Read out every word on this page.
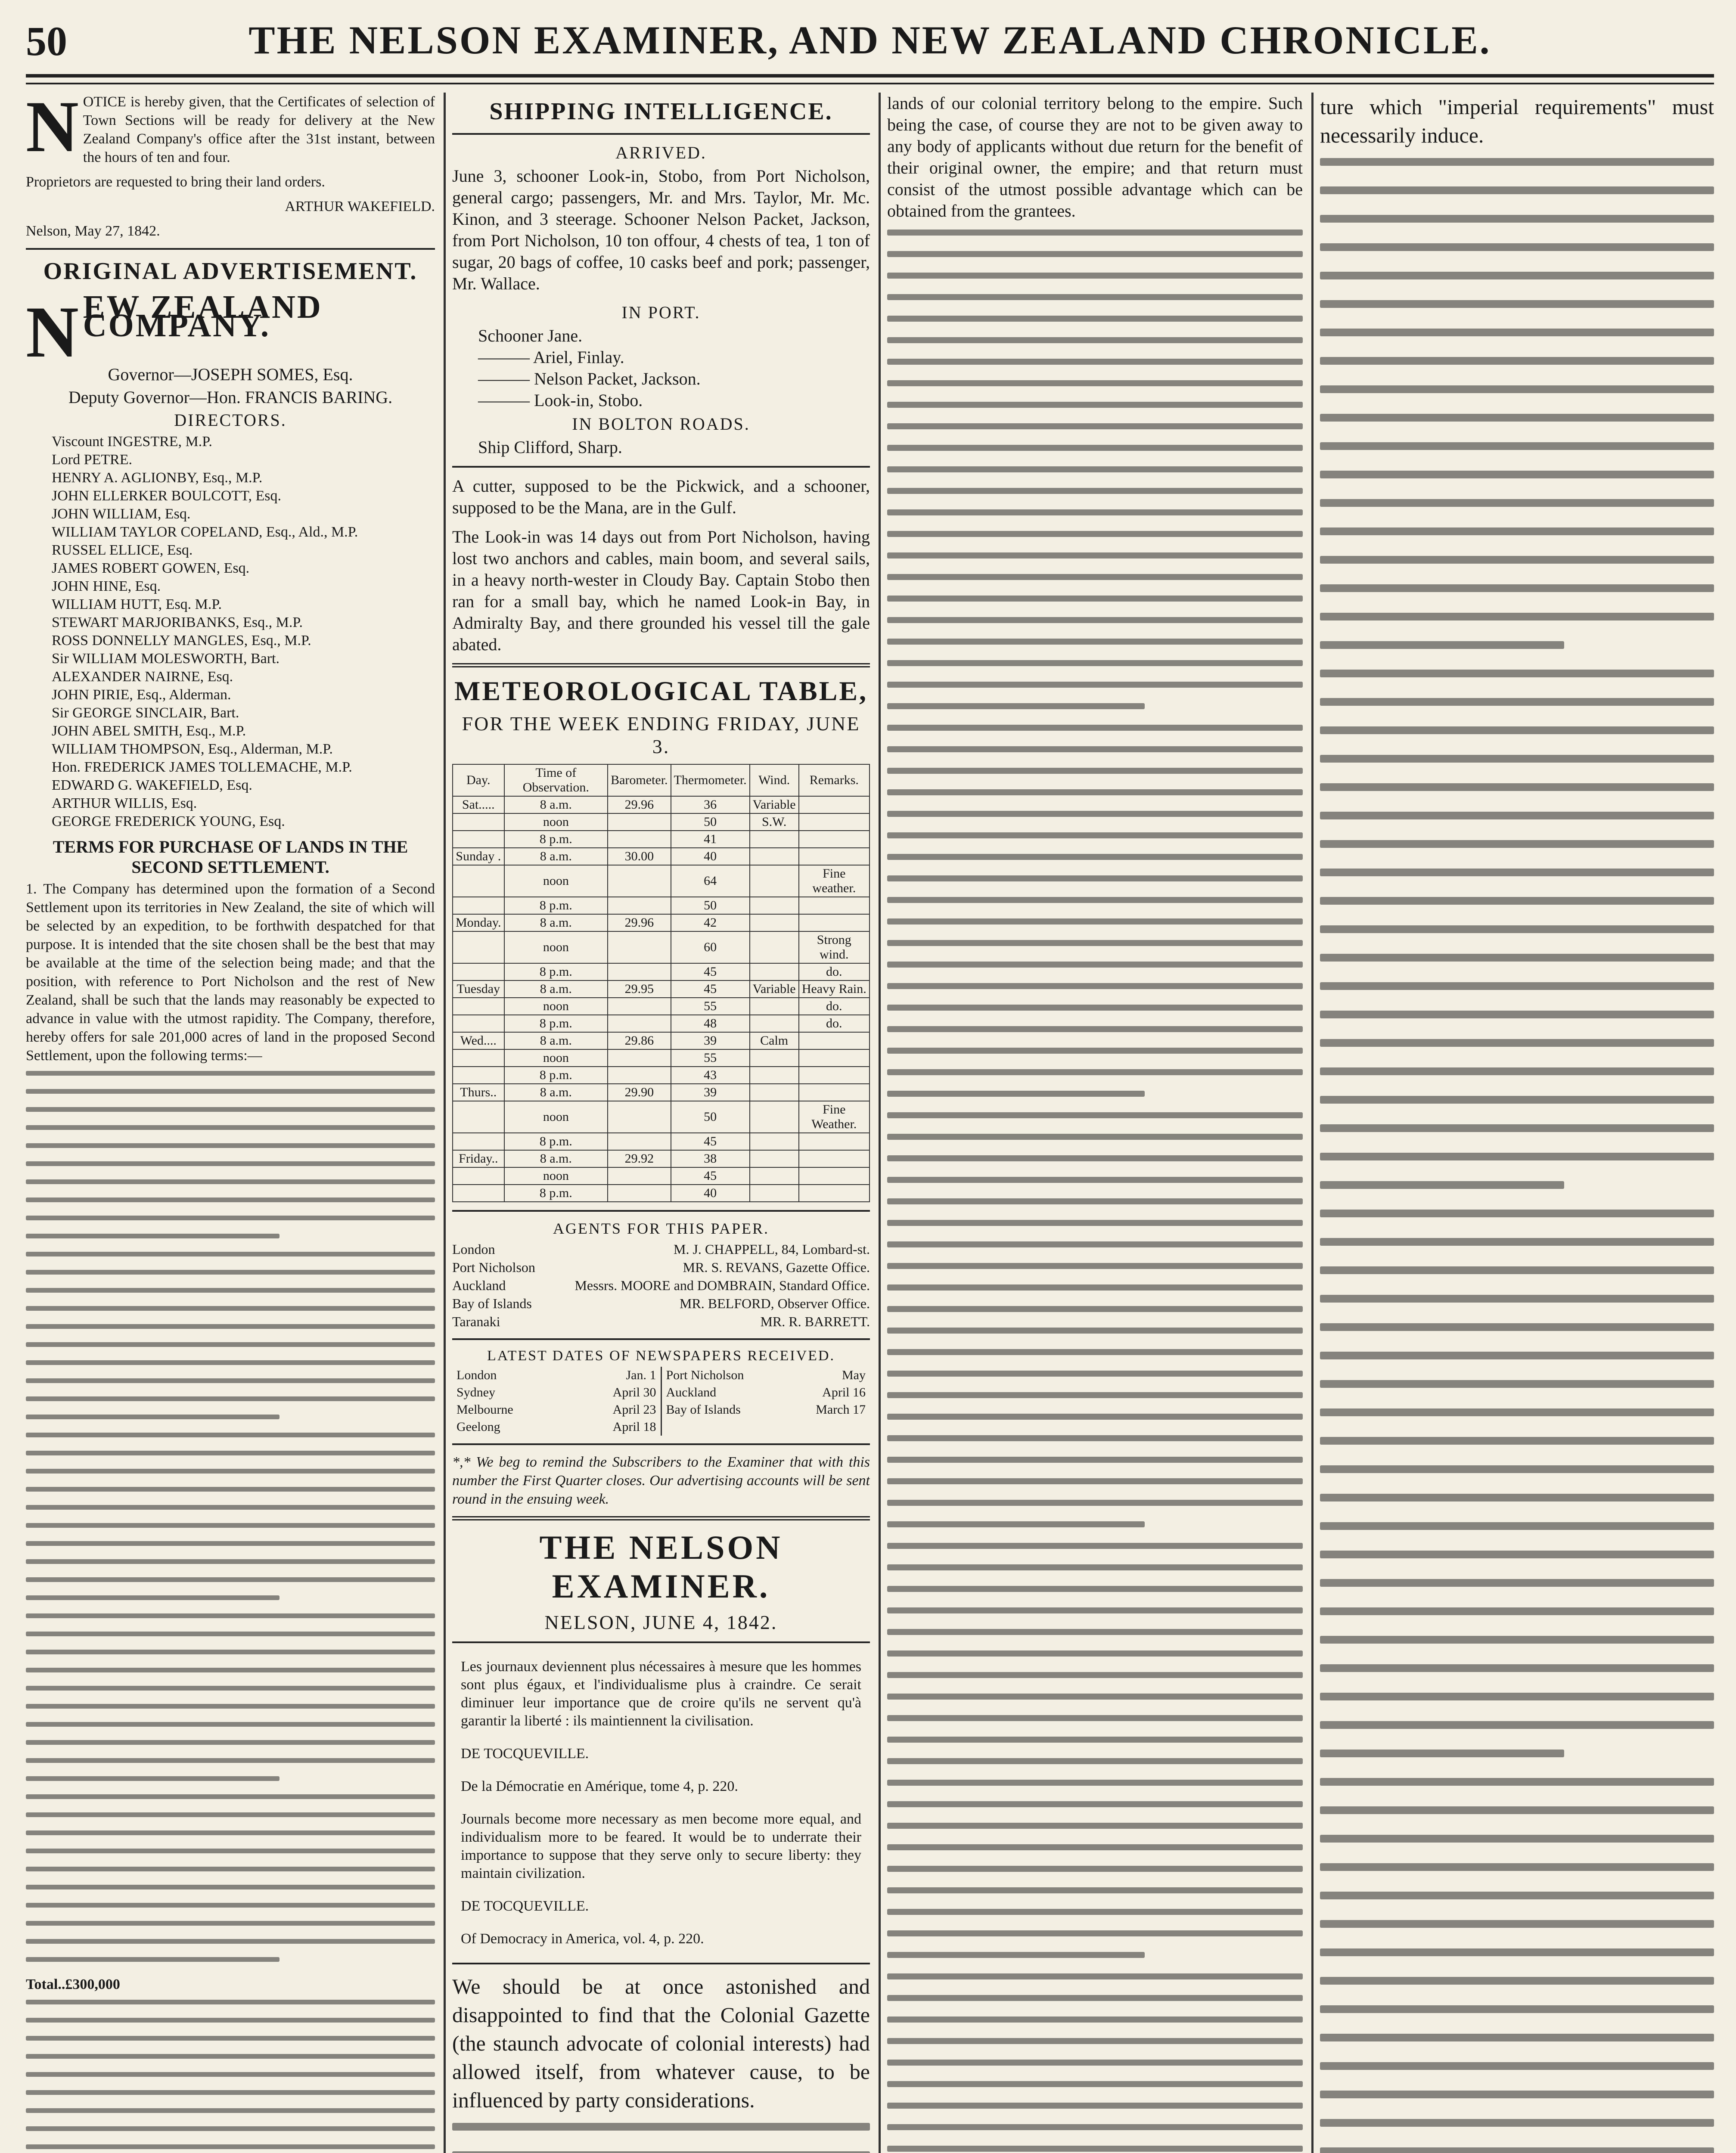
50	THE NELSON EXAMINER, AND NEW ZEALAND CHRONICLE.

N OTICE is hereby given, that the Certificates of selection of Town Sections will be ready for delivery at the New Zealand Company's office after the 31st instant, between the hours of ten and four.

Proprietors are requested to bring their land orders.

ARTHUR WAKEFIELD.

Nelson, May 27, 1842.

ORIGINAL ADVERTISEMENT.

N EW ZEALAND COMPANY.

Governor—JOSEPH SOMES, Esq.
Deputy Governor—Hon. FRANCIS BARING.
DIRECTORS.
Viscount INGESTRE, M.P.
Lord PETRE.
HENRY A. AGLIONBY, Esq., M.P.
JOHN ELLERKER BOULCOTT, Esq.
JOHN WILLIAM, Esq.
WILLIAM TAYLOR COPELAND, Esq., Ald., M.P.
RUSSEL ELLICE, Esq.
JAMES ROBERT GOWEN, Esq.
JOHN HINE, Esq.
WILLIAM HUTT, Esq. M.P.
STEWART MARJORIBANKS, Esq., M.P.
ROSS DONNELLY MANGLES, Esq., M.P.
Sir WILLIAM MOLESWORTH, Bart.
ALEXANDER NAIRNE, Esq.
JOHN PIRIE, Esq., Alderman.
Sir GEORGE SINCLAIR, Bart.
JOHN ABEL SMITH, Esq., M.P.
WILLIAM THOMPSON, Esq., Alderman, M.P.
Hon. FREDERICK JAMES TOLLEMACHE, M.P.
EDWARD G. WAKEFIELD, Esq.
ARTHUR WILLIS, Esq.
GEORGE FREDERICK YOUNG, Esq.
TERMS FOR PURCHASE OF LANDS IN THE SECOND SETTLEMENT.

1. The Company has determined upon the formation of a Second Settlement upon its territories in New Zealand, the site of which will be selected by an expedition, to be forthwith despatched for that purpose. It is intended that the site chosen shall be the best that may be available at the time of the selection being made; and that the position, with reference to Port Nicholson and the rest of New Zealand, shall be such that the lands may reasonably be expected to advance in value with the utmost rapidity. The Company, therefore, hereby offers for sale 201,000 acres of land in the proposed Second Settlement, upon the following terms:—

Total..£300,000

SHIPPING INTELLIGENCE.
ARRIVED.

June 3, schooner Look-in, Stobo, from Port Nicholson, general cargo; passengers, Mr. and Mrs. Taylor, Mr. Mc. Kinon, and 3 steerage. Schooner Nelson Packet, Jackson, from Port Nicholson, 10 ton offour, 4 chests of tea, 1 ton of sugar, 20 bags of coffee, 10 casks beef and pork; passenger, Mr. Wallace.

IN PORT.
Schooner Jane.
——— Ariel, Finlay.
——— Nelson Packet, Jackson.
——— Look-in, Stobo.
IN BOLTON ROADS.
Ship Clifford, Sharp.

A cutter, supposed to be the Pickwick, and a schooner, supposed to be the Mana, are in the Gulf.

The Look-in was 14 days out from Port Nicholson, having lost two anchors and cables, main boom, and several sails, in a heavy north-wester in Cloudy Bay. Captain Stobo then ran for a small bay, which he named Look-in Bay, in Admiralty Bay, and there grounded his vessel till the gale abated.

METEOROLOGICAL TABLE,
FOR THE WEEK ENDING FRIDAY, JUNE 3.
Day.	Time of Observation.	Barometer.	Thermometer.	Wind.	Remarks.
Sat.....	8 a.m.	29.96	36	Variable	
	noon		50	S.W.	
	8 p.m.		41		
Sunday .	8 a.m.	30.00	40		
	noon		64		Fine weather.
	8 p.m.		50		
Monday.	8 a.m.	29.96	42		
	noon		60		Strong wind.
	8 p.m.		45		do.
Tuesday	8 a.m.	29.95	45	Variable	Heavy Rain.
	noon		55		do.
	8 p.m.		48		do.
Wed....	8 a.m.	29.86	39	Calm	
	noon		55		
	8 p.m.		43		
Thurs..	8 a.m.	29.90	39		
	noon		50		Fine Weather.
	8 p.m.		45		
Friday..	8 a.m.	29.92	38		
	noon		45		
	8 p.m.		40		
AGENTS FOR THIS PAPER.
London	M. J. CHAPPELL, 84, Lombard-st.
Port Nicholson	MR. S. REVANS, Gazette Office.
Auckland	Messrs. MOORE and DOMBRAIN, Standard Office.
Bay of Islands	MR. BELFORD, Observer Office.
Taranaki	MR. R. BARRETT.
LATEST DATES OF NEWSPAPERS RECEIVED.
London	Jan. 1
Sydney	April 30
Melbourne	April 23
Geelong	April 18
Port Nicholson	May
Auckland	April 16
Bay of Islands	March 17

*,* We beg to remind the Subscribers to the Examiner that with this number the First Quarter closes. Our advertising accounts will be sent round in the ensuing week.

THE NELSON EXAMINER.
NELSON, JUNE 4, 1842.

Les journaux deviennent plus nécessaires à mesure que les hommes sont plus égaux, et l'individualisme plus à craindre. Ce serait diminuer leur importance que de croire qu'ils ne servent qu'à garantir la liberté : ils maintiennent la civilisation.

DE TOCQUEVILLE.

De la Démocratie en Amérique, tome 4, p. 220.

Journals become more necessary as men become more equal, and individualism more to be feared. It would be to underrate their importance to suppose that they serve only to secure liberty: they maintain civilization.

DE TOCQUEVILLE.

Of Democracy in America, vol. 4, p. 220.

We should be at once astonished and disappointed to find that the Colonial Gazette (the staunch advocate of colonial interests) had allowed itself, from whatever cause, to be influenced by party considerations.

lands of our colonial territory belong to the empire. Such being the case, of course they are not to be given away to any body of applicants without due return for the benefit of their original owner, the empire; and that return must consist of the utmost possible advantage which can be obtained from the grantees.

ture which "imperial requirements" must necessarily induce.
